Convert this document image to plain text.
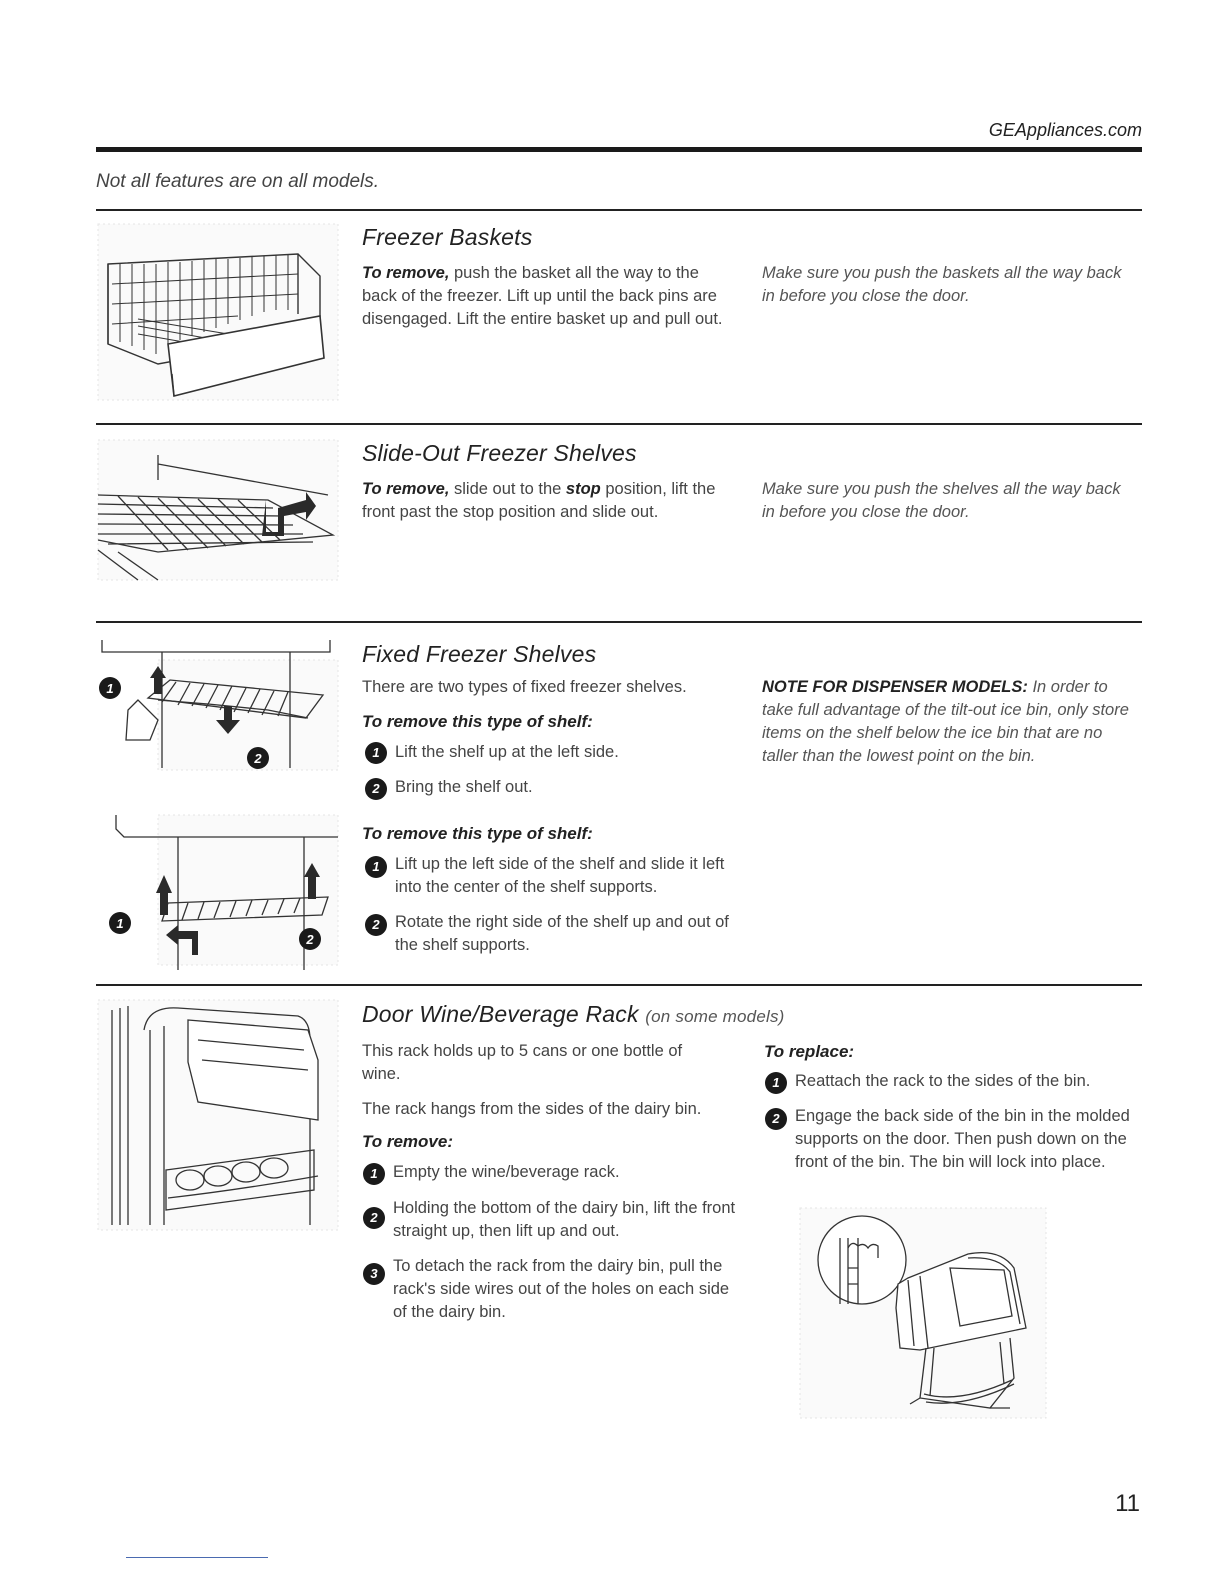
GEAppliances.com
Not all features are on all models.
Freezer Baskets
To remove, push the basket all the way to the back of the freezer. Lift up until the back pins are disengaged. Lift the entire basket up and pull out.
Make sure you push the baskets all the way back in before you close the door.
Slide-Out Freezer Shelves
To remove, slide out to the stop position, lift the front past the stop position and slide out.
Make sure you push the shelves all the way back in before you close the door.
1
2
1
2
Fixed Freezer Shelves
There are two types of fixed freezer shelves.
To remove this type of shelf:
1 Lift the shelf up at the left side.
2 Bring the shelf out.
To remove this type of shelf:
1 Lift up the left side of the shelf and slide it left into the center of the shelf supports.
2 Rotate the right side of the shelf up and out of the shelf supports.
NOTE FOR DISPENSER MODELS: In order to take full advantage of the tilt-out ice bin, only store items on the shelf below the ice bin that are no taller than the lowest point on the bin.
Door Wine/Beverage Rack (on some models)
This rack holds up to 5 cans or one bottle of wine.
The rack hangs from the sides of the dairy bin.
To remove:
1 Empty the wine/beverage rack.
2
Holding the bottom of the dairy bin, lift the front straight up, then lift up and out.
3 To detach the rack from the dairy bin, pull the rack's side wires out of the holes on each side of the dairy bin.
To replace:
1 Reattach the rack to the sides of the bin.
2 Engage the back side of the bin in the molded supports on the door. Then push down on the front of the bin. The bin will lock into place.
11
